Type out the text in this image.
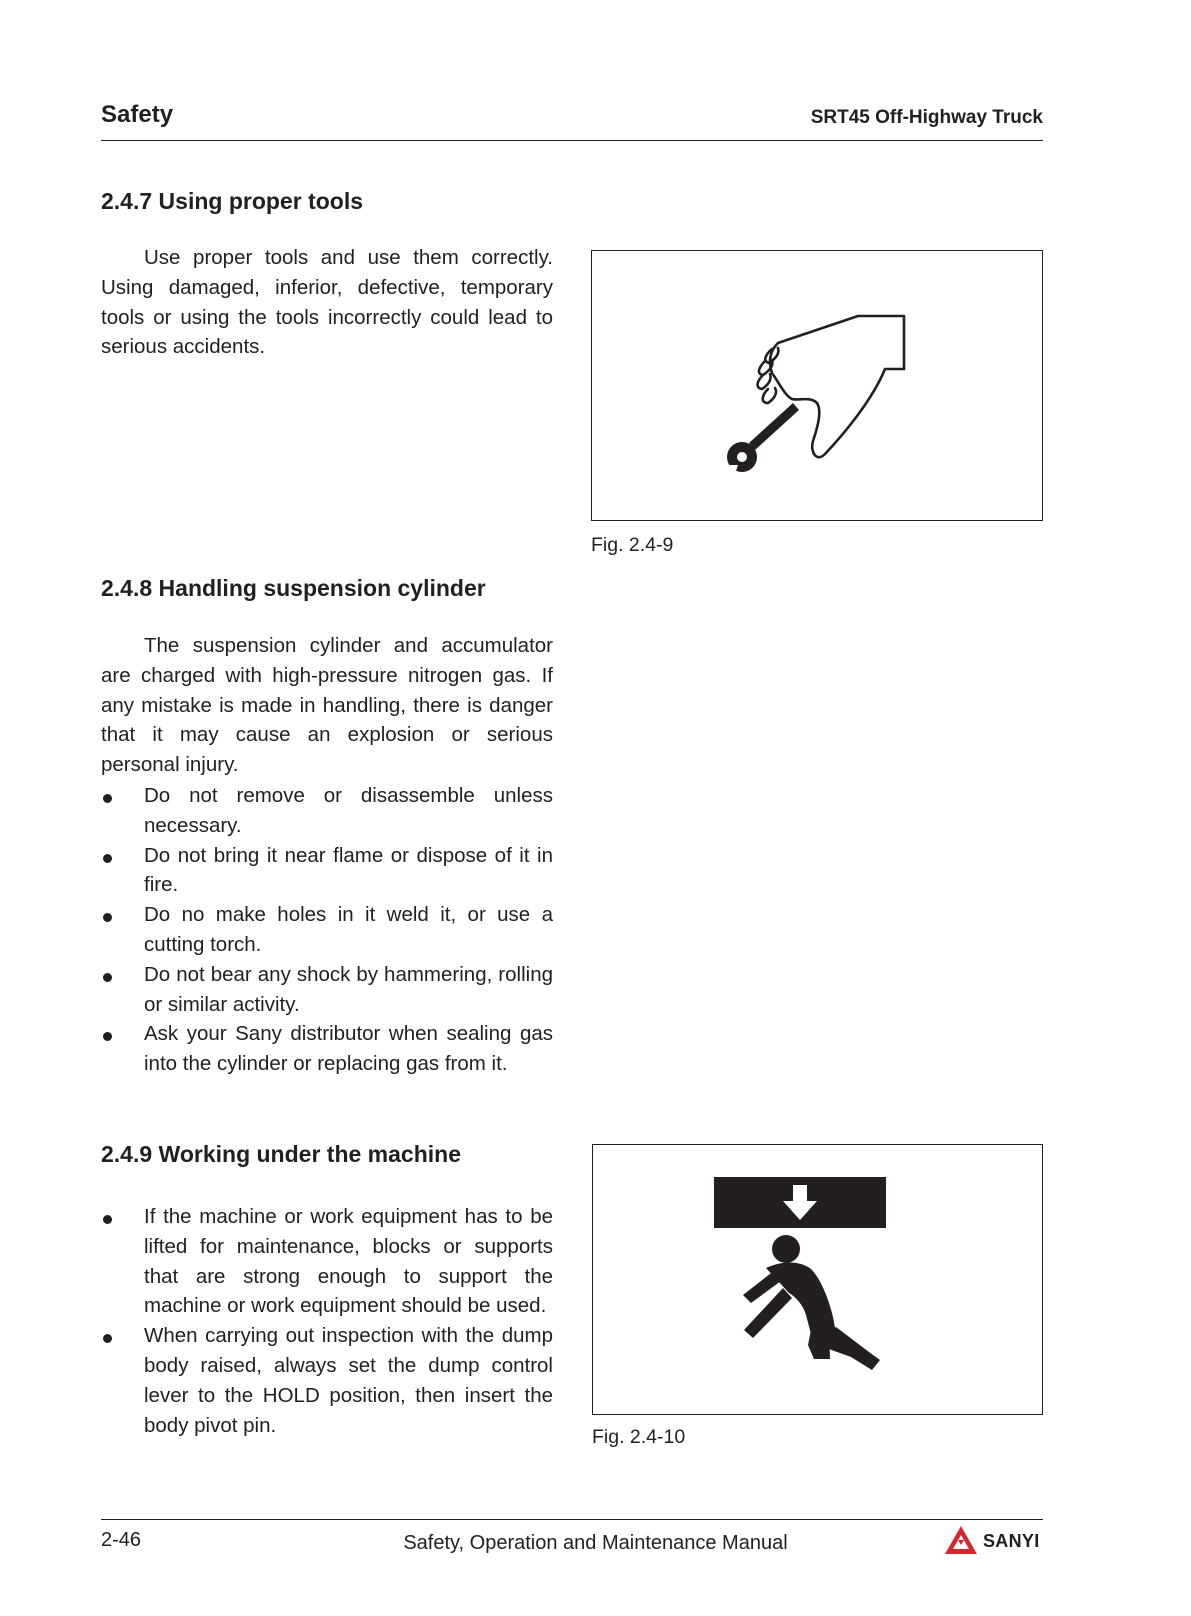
Safety	SRT45 Off-Highway Truck
2.4.7 Using proper tools

Use proper tools and use them correctly. Using damaged, inferior, defective, temporary tools or using the tools incorrectly could lead to serious accidents.

Fig. 2.4-9
2.4.8 Handling suspension cylinder

The suspension cylinder and accumulator are charged with high-pressure nitrogen gas. If any mistake is made in handling, there is danger that it may cause an explosion or serious personal injury.

Do not remove or disassemble unless necessary.
Do not bring it near flame or dispose of it in fire.
Do no make holes in it weld it, or use a cutting torch.
Do not bear any shock by hammering, rolling or similar activity.
Ask your Sany distributor when sealing gas into the cylinder or replacing gas from it.
2.4.9 Working under the machine
If the machine or work equipment has to be lifted for maintenance, blocks or supports that are strong enough to support the machine or work equipment should be used.
When carrying out inspection with the dump body raised, always set the dump control lever to the HOLD position, then insert the body pivot pin.
Fig. 2.4-10
2-46	Safety, Operation and Maintenance Manual	SANYI
